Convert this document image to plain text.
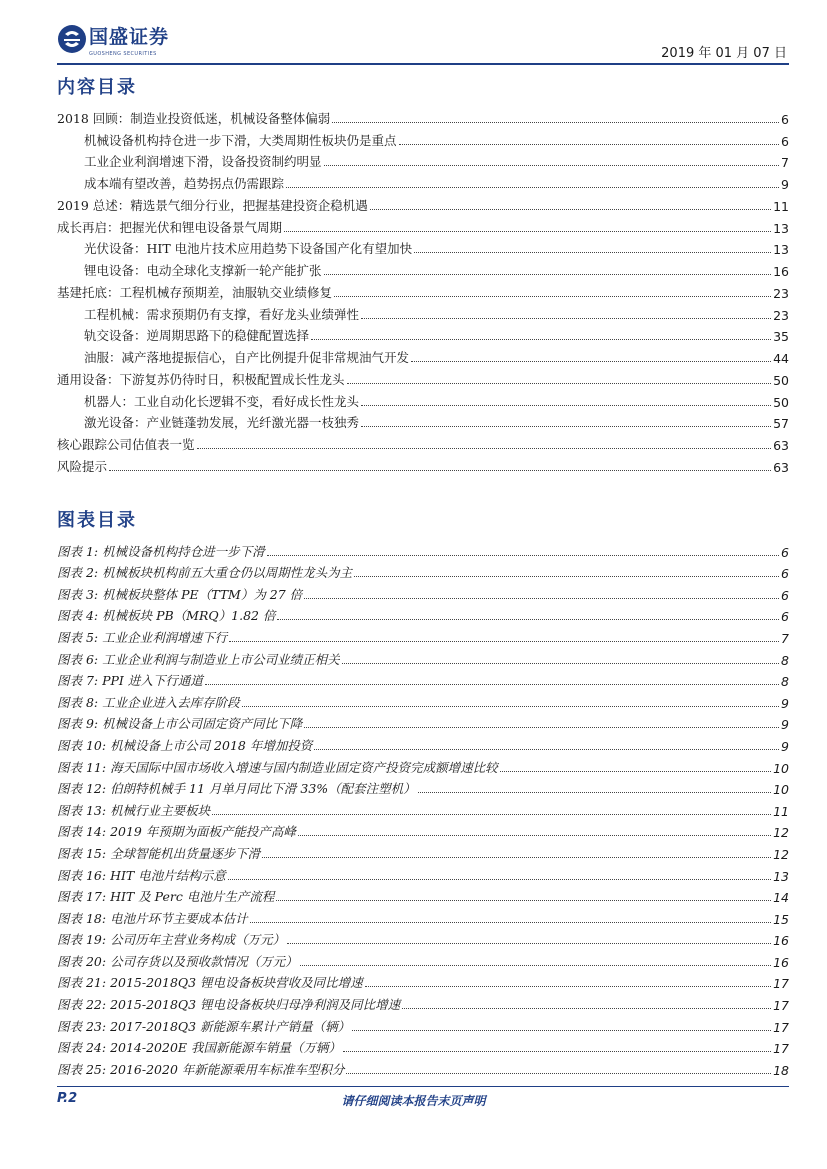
国盛证券
GUOSHENG SECURITIES	2019 年 01 月 07 日
内容目录
2018 回顾：制造业投资低迷，机械设备整体偏弱	6
机械设备机构持仓进一步下滑，大类周期性板块仍是重点	6
工业企业利润增速下滑，设备投资制约明显	7
成本端有望改善，趋势拐点仍需跟踪	9
2019 总述：精选景气细分行业，把握基建投资企稳机遇	11
成长再启：把握光伏和锂电设备景气周期	13
光伏设备：HIT 电池片技术应用趋势下设备国产化有望加快	13
锂电设备：电动全球化支撑新一轮产能扩张	16
基建托底：工程机械存预期差，油服轨交业绩修复	23
工程机械：需求预期仍有支撑，看好龙头业绩弹性	23
轨交设备：逆周期思路下的稳健配置选择	35
油服：减产落地提振信心，自产比例提升促非常规油气开发	44
通用设备：下游复苏仍待时日，积极配置成长性龙头	50
机器人：工业自动化长逻辑不变，看好成长性龙头	50
激光设备：产业链蓬勃发展，光纤激光器一枝独秀	57
核心跟踪公司估值表一览	63
风险提示	63
图表目录
图表 1: 机械设备机构持仓进一步下滑	6
图表 2: 机械板块机构前五大重仓仍以周期性龙头为主	6
图表 3: 机械板块整体 PE（TTM）为 27 倍	6
图表 4: 机械板块 PB（MRQ）1.82 倍	6
图表 5: 工业企业利润增速下行	7
图表 6: 工业企业利润与制造业上市公司业绩正相关	8
图表 7: PPI 进入下行通道	8
图表 8: 工业企业进入去库存阶段	9
图表 9: 机械设备上市公司固定资产同比下降	9
图表 10: 机械设备上市公司 2018 年增加投资	9
图表 11: 海天国际中国市场收入增速与国内制造业固定资产投资完成额增速比较	10
图表 12: 伯朗特机械手 11 月单月同比下滑 33%（配套注塑机）	10
图表 13: 机械行业主要板块	11
图表 14: 2019 年预期为面板产能投产高峰	12
图表 15: 全球智能机出货量逐步下滑	12
图表 16: HIT 电池片结构示意	13
图表 17: HIT 及 Perc 电池片生产流程	14
图表 18: 电池片环节主要成本估计	15
图表 19: 公司历年主营业务构成（万元）	16
图表 20: 公司存货以及预收款情况（万元）	16
图表 21: 2015-2018Q3 锂电设备板块营收及同比增速	17
图表 22: 2015-2018Q3 锂电设备板块归母净利润及同比增速	17
图表 23: 2017-2018Q3 新能源车累计产销量（辆）	17
图表 24: 2014-2020E 我国新能源车销量（万辆）	17
图表 25: 2016-2020 年新能源乘用车标准车型积分	18
P.2	请仔细阅读本报告末页声明
